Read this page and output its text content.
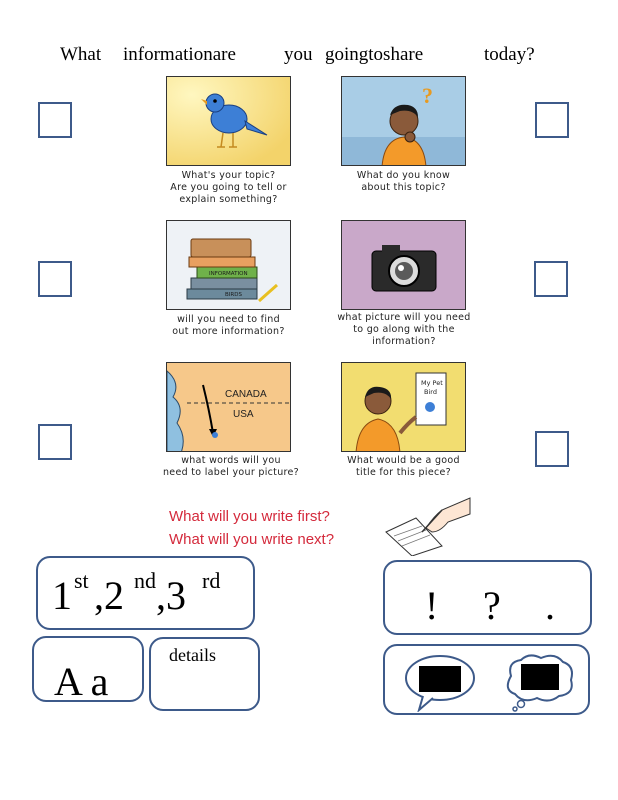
What informationare	you goingtoshare	today?
What's your topic?
Are you going to tell or
explain something?
?
What do you know
about this topic?
INFORMATION
BIRDS
will you need to find
out more information?
what picture will you need
to go along with the
information?
CANADA
USA
what words will you
need to label your picture?
My Pet
Bird
What would be a good
title for this piece?
What will you write first?
What will you write next?
1 st , 2 nd , 3 rd
A a
details
! ? .
